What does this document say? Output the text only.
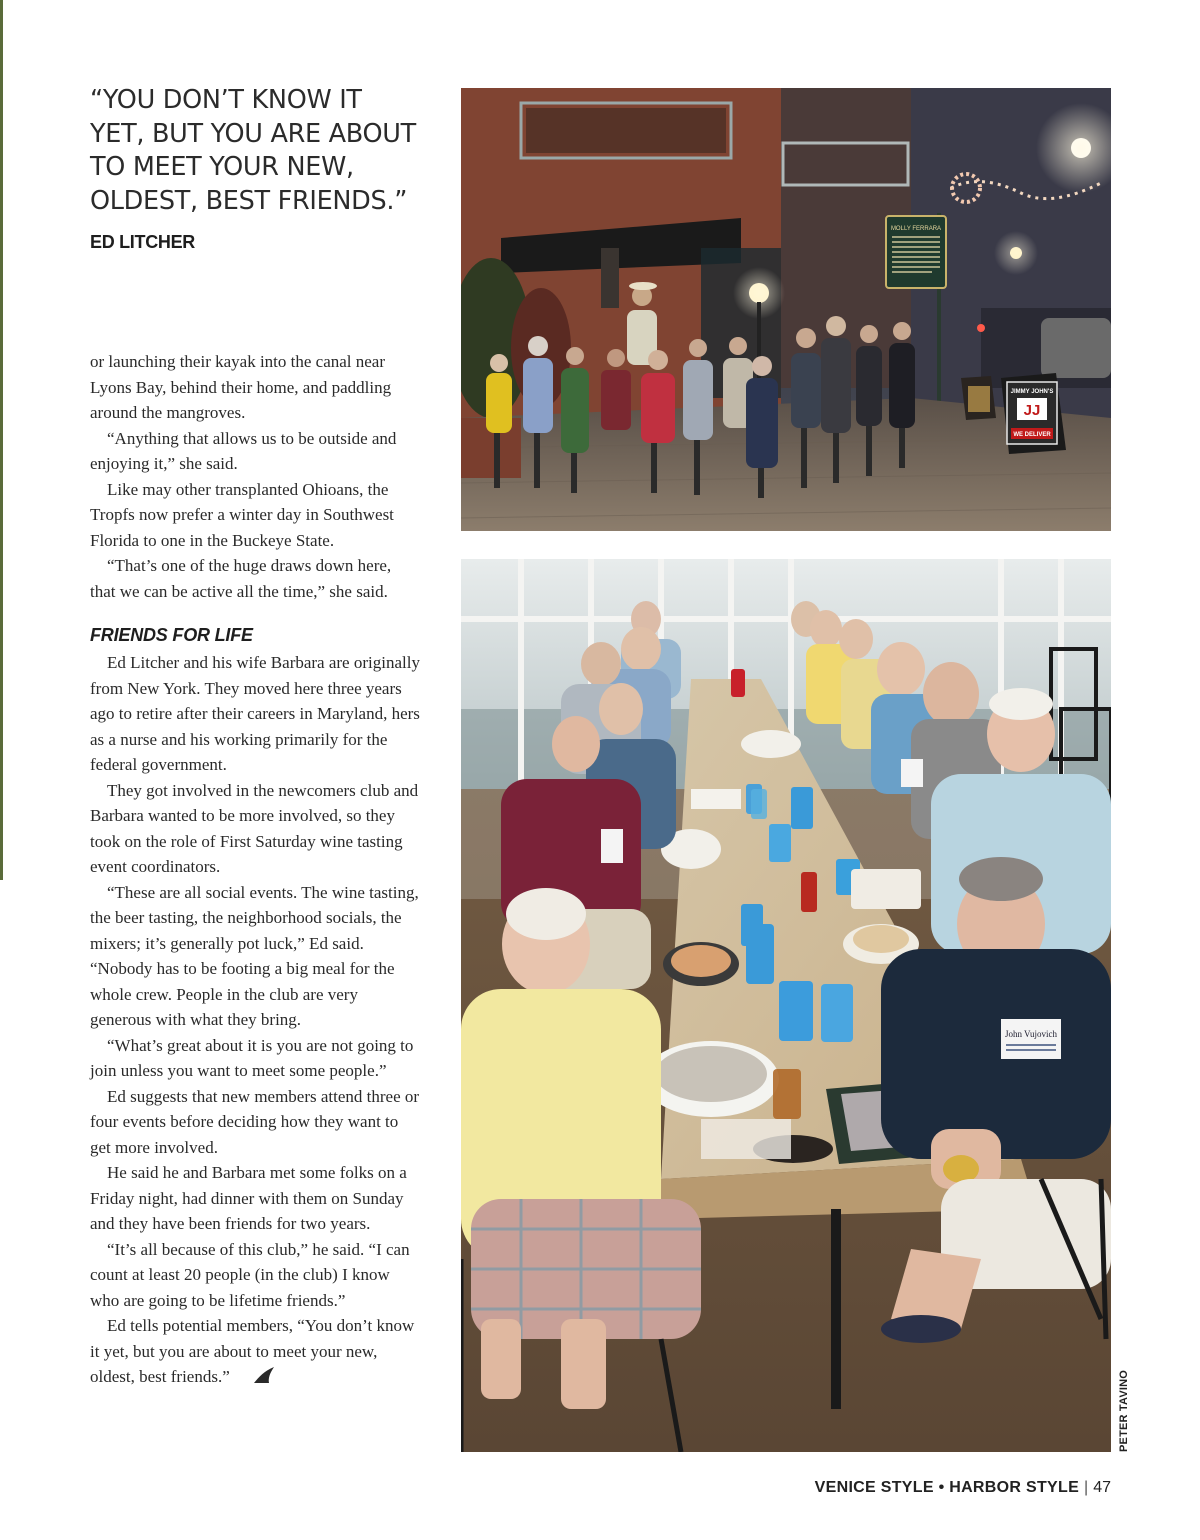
“YOU DON’T KNOW IT YET, BUT YOU ARE ABOUT TO MEET YOUR NEW, OLDEST, BEST FRIENDS.”
ED LITCHER

or launching their kayak into the canal near Lyons Bay, behind their home, and paddling around the mangroves.

“Anything that allows us to be outside and enjoying it,” she said.

Like may other transplanted Ohioans, the Tropfs now prefer a winter day in Southwest Florida to one in the Buckeye State.

“That’s one of the huge draws down here, that we can be active all the time,” she said.

FRIENDS FOR LIFE

Ed Litcher and his wife Barbara are originally from New York. They moved here three years ago to retire after their careers in Maryland, hers as a nurse and his working primarily for the federal government.

They got involved in the newcomers club and Barbara wanted to be more involved, so they took on the role of First Saturday wine tasting event coordinators.

“These are all social events. The wine tasting, the beer tasting, the neighborhood socials, the mixers; it’s generally pot luck,” Ed said. “Nobody has to be footing a big meal for the whole crew. People in the club are very generous with what they bring.

“What’s great about it is you are not going to join unless you want to meet some people.”

Ed suggests that new members attend three or four events before deciding how they want to get more involved.

He said he and Barbara met some folks on a Friday night, had dinner with them on Sunday and they have been friends for two years.

“It’s all because of this club,” he said. “I can count at least 20 people (in the club) I know who are going to be lifetime friends.”

Ed tells potential members, “You don’t know it yet, but you are about to meet your new, oldest, best friends.”

MOLLY FERRARA
JIMMY JOHN'S
JJ
WE DELIVER
John Vujovich
PETER TAVINO
VENICE STYLE • HARBOR STYLE | 47
